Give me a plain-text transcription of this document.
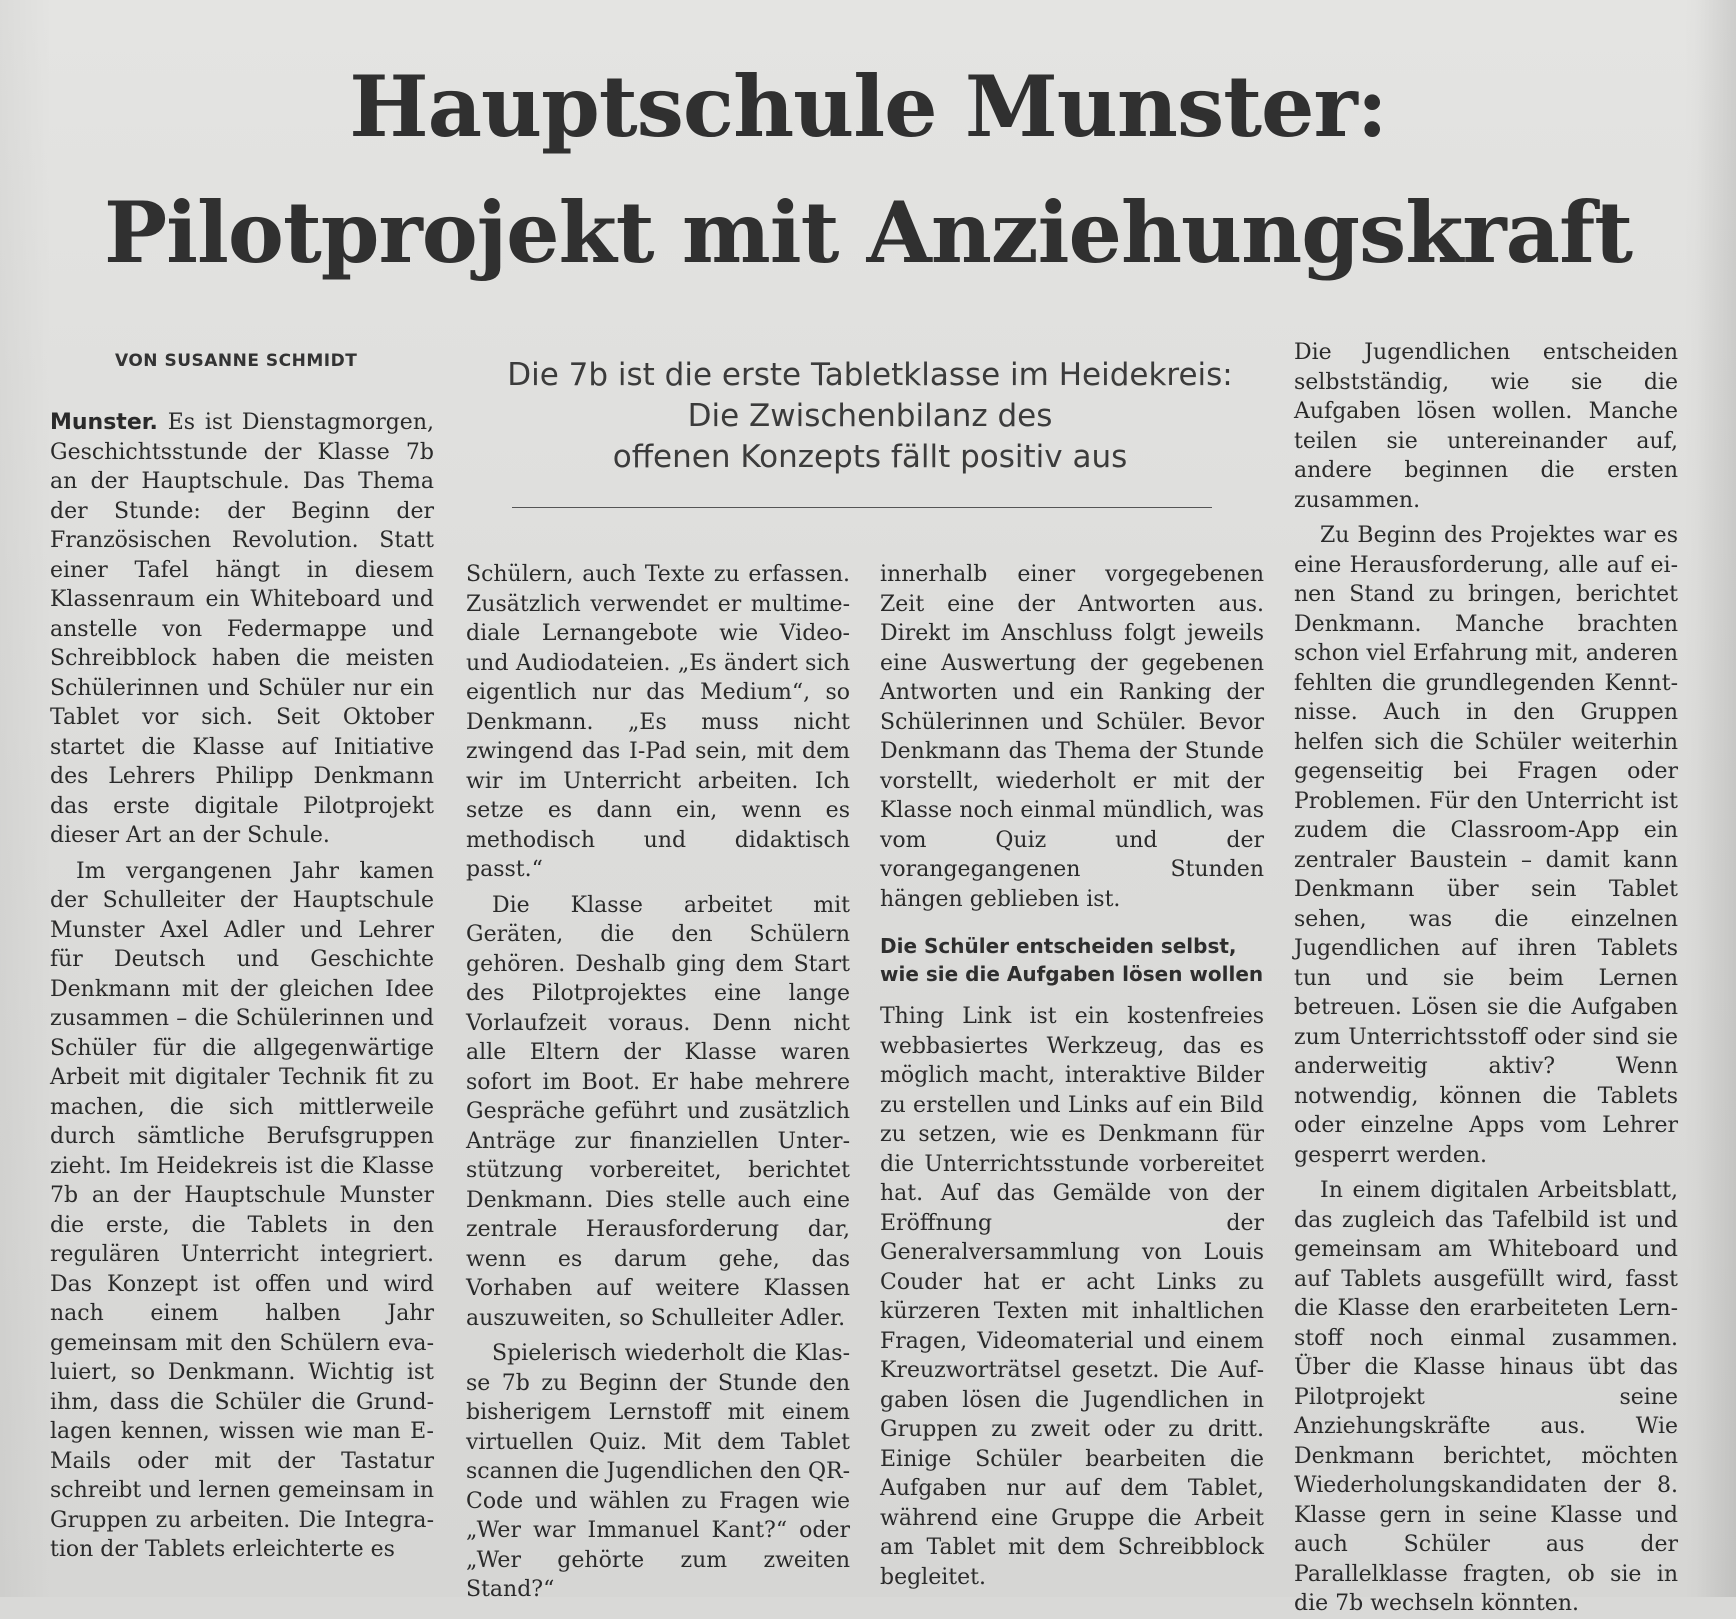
Hauptschule Munster:
Pilotprojekt mit Anziehungskraft
VON SUSANNE SCHMIDT	Die 7b ist die erste Tabletklasse im Heidekreis:
Die Zwischenbilanz des
offenen Konzepts fällt positiv aus

Munster. Es ist Dienstagmorgen, Geschichtsstunde der Klasse 7b an der Hauptschule. Das Thema der Stunde: der Beginn der Französischen Revolution. Statt einer Tafel hängt in diesem Klassenraum ein Whiteboard und anstelle von Federmappe und Schreibblock haben die meisten Schülerinnen und Schüler nur ein Tablet vor sich. Seit Oktober startet die Klasse auf Initiative des Lehrers Philipp Denkmann das erste digitale Pilotprojekt dieser Art an der Schule.

Im vergangenen Jahr kamen der Schulleiter der Hauptschule Munster Axel Adler und Lehrer für Deutsch und Geschichte Denkmann mit der gleichen Idee zusammen – die Schülerinnen und Schüler für die allgegenwärtige Arbeit mit digitaler Technik fit zu machen, die sich mittlerweile durch sämtliche Berufsgruppen zieht. Im Heidekreis ist die Klasse 7b an der Hauptschule Munster die erste, die Tablets in den regulären Unterricht integriert. Das Konzept ist offen und wird nach einem halben Jahr gemeinsam mit den Schülern evaluiert, so Denkmann. Wichtig ist ihm, dass die Schüler die Grundlagen kennen, wissen wie man E-Mails oder mit der Tastatur schreibt und lernen gemeinsam in Gruppen zu arbeiten. Die Integration der Tablets erleichterte es

Schülern, auch Texte zu erfassen. Zusätzlich verwendet er multimediale Lernangebote wie Video- und Audiodateien. „Es ändert sich eigentlich nur das Medium“, so Denkmann. „Es muss nicht zwingend das I-Pad sein, mit dem wir im Unterricht arbeiten. Ich setze es dann ein, wenn es methodisch und didaktisch passt.“

Die Klasse arbeitet mit Geräten, die den Schülern gehören. Deshalb ging dem Start des Pilotprojektes eine lange Vorlaufzeit voraus. Denn nicht alle Eltern der Klasse waren sofort im Boot. Er habe mehrere Gespräche geführt und zusätzlich Anträge zur finanziellen Unterstützung vorbereitet, berichtet Denkmann. Dies stelle auch eine zentrale Herausforderung dar, wenn es darum gehe, das Vorhaben auf weitere Klassen auszuweiten, so Schulleiter Adler.

Spielerisch wiederholt die Klasse 7b zu Beginn der Stunde den bisherigem Lernstoff mit einem virtuellen Quiz. Mit dem Tablet scannen die Jugendlichen den QR-Code und wählen zu Fragen wie „Wer war Immanuel Kant?“ oder „Wer gehörte zum zweiten Stand?“

innerhalb einer vorgegebenen Zeit eine der Antworten aus. Direkt im Anschluss folgt jeweils eine Auswertung der gegebenen Antworten und ein Ranking der Schülerinnen und Schüler. Bevor Denkmann das Thema der Stunde vorstellt, wiederholt er mit der Klasse noch einmal mündlich, was vom Quiz und der vorangegangenen Stunden hängen geblieben ist.

Die Schüler entscheiden selbst,
wie sie die Aufgaben lösen wollen

Thing Link ist ein kostenfreies webbasiertes Werkzeug, das es möglich macht, interaktive Bilder zu erstellen und Links auf ein Bild zu setzen, wie es Denkmann für die Unterrichtsstunde vorbereitet hat. Auf das Gemälde von der Eröffnung der Generalversammlung von Louis Couder hat er acht Links zu kürzeren Texten mit inhaltlichen Fragen, Videomaterial und einem Kreuzworträtsel gesetzt. Die Aufgaben lösen die Jugendlichen in Gruppen zu zweit oder zu dritt. Einige Schüler bearbeiten die Aufgaben nur auf dem Tablet, während eine Gruppe die Arbeit am Tablet mit dem Schreibblock begleitet.

Die Jugendlichen entscheiden selbstständig, wie sie die Aufgaben lösen wollen. Manche teilen sie untereinander auf, andere beginnen die ersten zusammen.

Zu Beginn des Projektes war es eine Herausforderung, alle auf einen Stand zu bringen, berichtet Denkmann. Manche brachten schon viel Erfahrung mit, anderen fehlten die grundlegenden Kenntnisse. Auch in den Gruppen helfen sich die Schüler weiterhin gegenseitig bei Fragen oder Problemen. Für den Unterricht ist zudem die Classroom-App ein zentraler Baustein – damit kann Denkmann über sein Tablet sehen, was die einzelnen Jugendlichen auf ihren Tablets tun und sie beim Lernen betreuen. Lösen sie die Aufgaben zum Unterrichtsstoff oder sind sie anderweitig aktiv? Wenn notwendig, können die Tablets oder einzelne Apps vom Lehrer gesperrt werden.

In einem digitalen Arbeitsblatt, das zugleich das Tafelbild ist und gemeinsam am Whiteboard und auf Tablets ausgefüllt wird, fasst die Klasse den erarbeiteten Lernstoff noch einmal zusammen. Über die Klasse hinaus übt das Pilotprojekt seine Anziehungskräfte aus. Wie Denkmann berichtet, möchten Wiederholungskandidaten der 8. Klasse gern in seine Klasse und auch Schüler aus der Parallelklasse fragten, ob sie in die 7b wechseln könnten.
